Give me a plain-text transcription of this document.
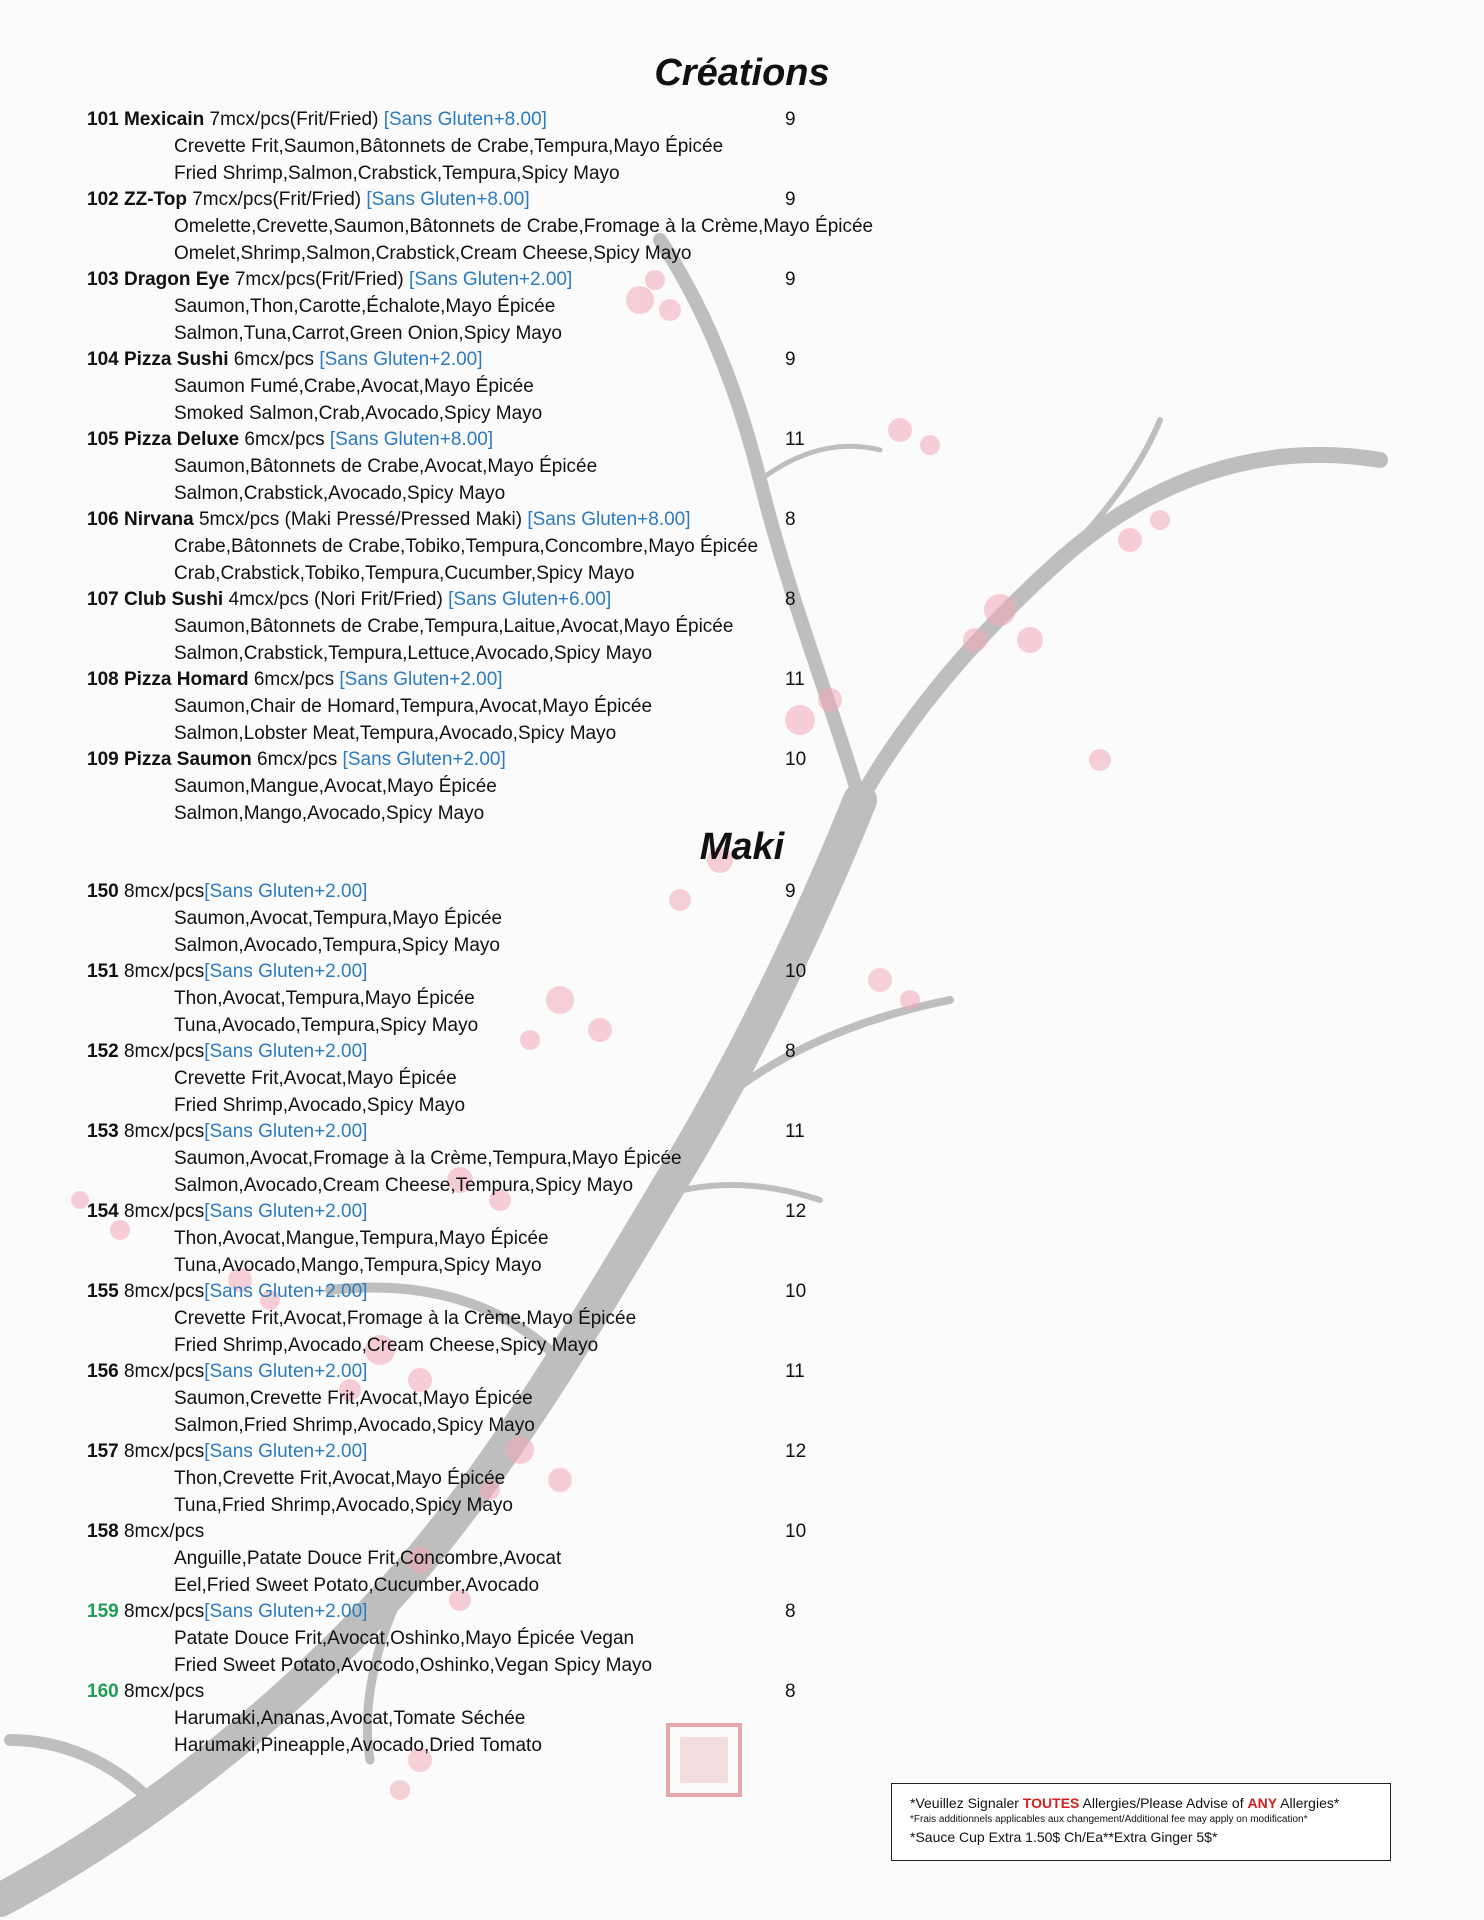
Créations
101 Mexicain 7mcx/pcs(Frit/Fried) [Sans Gluten+8.00]	9
Crevette Frit,Saumon,Bâtonnets de Crabe,Tempura,Mayo Épicée
Fried Shrimp,Salmon,Crabstick,Tempura,Spicy Mayo
102 ZZ-Top 7mcx/pcs(Frit/Fried) [Sans Gluten+8.00]	9
Omelette,Crevette,Saumon,Bâtonnets de Crabe,Fromage à la Crème,Mayo Épicée
Omelet,Shrimp,Salmon,Crabstick,Cream Cheese,Spicy Mayo
103 Dragon Eye 7mcx/pcs(Frit/Fried) [Sans Gluten+2.00]	9
Saumon,Thon,Carotte,Échalote,Mayo Épicée
Salmon,Tuna,Carrot,Green Onion,Spicy Mayo
104 Pizza Sushi 6mcx/pcs [Sans Gluten+2.00]	9
Saumon Fumé,Crabe,Avocat,Mayo Épicée
Smoked Salmon,Crab,Avocado,Spicy Mayo
105 Pizza Deluxe 6mcx/pcs [Sans Gluten+8.00]	11
Saumon,Bâtonnets de Crabe,Avocat,Mayo Épicée
Salmon,Crabstick,Avocado,Spicy Mayo
106 Nirvana 5mcx/pcs (Maki Pressé/Pressed Maki) [Sans Gluten+8.00]	8
Crabe,Bâtonnets de Crabe,Tobiko,Tempura,Concombre,Mayo Épicée
Crab,Crabstick,Tobiko,Tempura,Cucumber,Spicy Mayo
107 Club Sushi 4mcx/pcs (Nori Frit/Fried) [Sans Gluten+6.00]	8
Saumon,Bâtonnets de Crabe,Tempura,Laitue,Avocat,Mayo Épicée
Salmon,Crabstick,Tempura,Lettuce,Avocado,Spicy Mayo
108 Pizza Homard 6mcx/pcs [Sans Gluten+2.00]	11
Saumon,Chair de Homard,Tempura,Avocat,Mayo Épicée
Salmon,Lobster Meat,Tempura,Avocado,Spicy Mayo
109 Pizza Saumon 6mcx/pcs [Sans Gluten+2.00]	10
Saumon,Mangue,Avocat,Mayo Épicée
Salmon,Mango,Avocado,Spicy Mayo
Maki
150 8mcx/pcs[Sans Gluten+2.00]	9
Saumon,Avocat,Tempura,Mayo Épicée
Salmon,Avocado,Tempura,Spicy Mayo
151 8mcx/pcs[Sans Gluten+2.00]	10
Thon,Avocat,Tempura,Mayo Épicée
Tuna,Avocado,Tempura,Spicy Mayo
152 8mcx/pcs[Sans Gluten+2.00]	8
Crevette Frit,Avocat,Mayo Épicée
Fried Shrimp,Avocado,Spicy Mayo
153 8mcx/pcs[Sans Gluten+2.00]	11
Saumon,Avocat,Fromage à la Crème,Tempura,Mayo Épicée
Salmon,Avocado,Cream Cheese,Tempura,Spicy Mayo
154 8mcx/pcs[Sans Gluten+2.00]	12
Thon,Avocat,Mangue,Tempura,Mayo Épicée
Tuna,Avocado,Mango,Tempura,Spicy Mayo
155 8mcx/pcs[Sans Gluten+2.00]	10
Crevette Frit,Avocat,Fromage à la Crème,Mayo Épicée
Fried Shrimp,Avocado,Cream Cheese,Spicy Mayo
156 8mcx/pcs[Sans Gluten+2.00]	11
Saumon,Crevette Frit,Avocat,Mayo Épicée
Salmon,Fried Shrimp,Avocado,Spicy Mayo
157 8mcx/pcs[Sans Gluten+2.00]	12
Thon,Crevette Frit,Avocat,Mayo Épicée
Tuna,Fried Shrimp,Avocado,Spicy Mayo
158 8mcx/pcs	10
Anguille,Patate Douce Frit,Concombre,Avocat
Eel,Fried Sweet Potato,Cucumber,Avocado
159 8mcx/pcs[Sans Gluten+2.00]	8
Patate Douce Frit,Avocat,Oshinko,Mayo Épicée Vegan
Fried Sweet Potato,Avocodo,Oshinko,Vegan Spicy Mayo
160 8mcx/pcs	8
Harumaki,Ananas,Avocat,Tomate Séchée
Harumaki,Pineapple,Avocado,Dried Tomato
*Veuillez Signaler TOUTES Allergies/Please Advise of ANY Allergies*
*Frais additionnels applicables aux changement/Additional fee may apply on modification*
*Sauce Cup Extra 1.50$ Ch/Ea**Extra Ginger 5$*
